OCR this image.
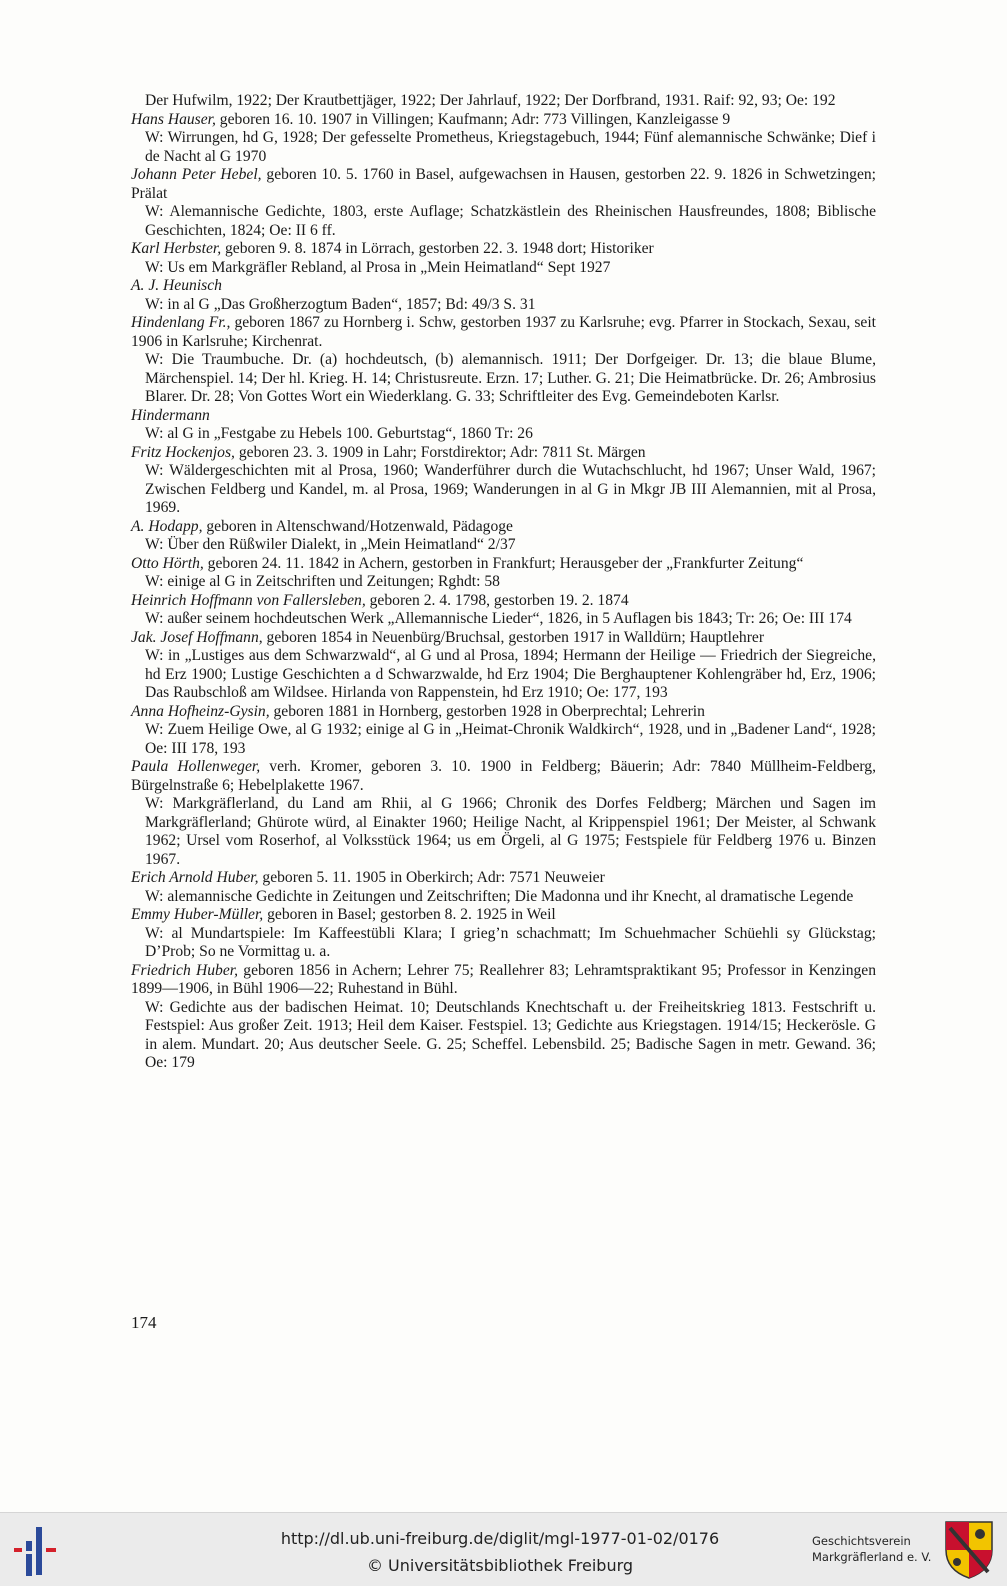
Der Hufwilm, 1922; Der Krautbettjäger, 1922; Der Jahrlauf, 1922; Der Dorfbrand, 1931. Raif: 92, 93; Oe: 192

Hans Hauser, geboren 16. 10. 1907 in Villingen; Kaufmann; Adr: 773 Villingen, Kanzleigasse 9

W: Wirrungen, hd G, 1928; Der gefesselte Prometheus, Kriegstagebuch, 1944; Fünf alemannische Schwänke; Dief i de Nacht al G 1970

Johann Peter Hebel, geboren 10. 5. 1760 in Basel, aufgewachsen in Hausen, gestorben 22. 9. 1826 in Schwetzingen; Prälat

W: Alemannische Gedichte, 1803, erste Auflage; Schatzkästlein des Rheinischen Hausfreundes, 1808; Biblische Geschichten, 1824; Oe: II 6 ff.

Karl Herbster, geboren 9. 8. 1874 in Lörrach, gestorben 22. 3. 1948 dort; Historiker

W: Us em Markgräfler Rebland, al Prosa in „Mein Heimatland“ Sept 1927

A. J. Heunisch

W: in al G „Das Großherzogtum Baden“, 1857; Bd: 49/3 S. 31

Hindenlang Fr., geboren 1867 zu Hornberg i. Schw, gestorben 1937 zu Karlsruhe; evg. Pfarrer in Stockach, Sexau, seit 1906 in Karlsruhe; Kirchenrat.

W: Die Traumbuche. Dr. (a) hochdeutsch, (b) alemannisch. 1911; Der Dorfgeiger. Dr. 13; die blaue Blume, Märchenspiel. 14; Der hl. Krieg. H. 14; Christusreute. Erzn. 17; Luther. G. 21; Die Heimatbrücke. Dr. 26; Ambrosius Blarer. Dr. 28; Von Gottes Wort ein Wiederklang. G. 33; Schriftleiter des Evg. Gemeindeboten Karlsr.

Hindermann

W: al G in „Festgabe zu Hebels 100. Geburtstag“, 1860 Tr: 26

Fritz Hockenjos, geboren 23. 3. 1909 in Lahr; Forstdirektor; Adr: 7811 St. Märgen

W: Wäldergeschichten mit al Prosa, 1960; Wanderführer durch die Wutachschlucht, hd 1967; Unser Wald, 1967; Zwischen Feldberg und Kandel, m. al Prosa, 1969; Wanderungen in al G in Mkgr JB III Alemannien, mit al Prosa, 1969.

A. Hodapp, geboren in Altenschwand/Hotzenwald, Pädagoge

W: Über den Rüßwiler Dialekt, in „Mein Heimatland“ 2/37

Otto Hörth, geboren 24. 11. 1842 in Achern, gestorben in Frankfurt; Herausgeber der „Frankfurter Zeitung“

W: einige al G in Zeitschriften und Zeitungen; Rghdt: 58

Heinrich Hoffmann von Fallersleben, geboren 2. 4. 1798, gestorben 19. 2. 1874

W: außer seinem hochdeutschen Werk „Allemannische Lieder“, 1826, in 5 Auflagen bis 1843; Tr: 26; Oe: III 174

Jak. Josef Hoffmann, geboren 1854 in Neuenbürg/Bruchsal, gestorben 1917 in Walldürn; Hauptlehrer

W: in „Lustiges aus dem Schwarzwald“, al G und al Prosa, 1894; Hermann der Heilige — Friedrich der Siegreiche, hd Erz 1900; Lustige Geschichten a d Schwarzwalde, hd Erz 1904; Die Berghauptener Kohlengräber hd, Erz, 1906; Das Raubschloß am Wildsee. Hirlanda von Rappenstein, hd Erz 1910; Oe: 177, 193

Anna Hofheinz-Gysin, geboren 1881 in Hornberg, gestorben 1928 in Oberprechtal; Lehrerin

W: Zuem Heilige Owe, al G 1932; einige al G in „Heimat-Chronik Waldkirch“, 1928, und in „Badener Land“, 1928; Oe: III 178, 193

Paula Hollenweger, verh. Kromer, geboren 3. 10. 1900 in Feldberg; Bäuerin; Adr: 7840 Müllheim-Feldberg, Bürgelnstraße 6; Hebelplakette 1967.

W: Markgräflerland, du Land am Rhii, al G 1966; Chronik des Dorfes Feldberg; Märchen und Sagen im Markgräflerland; Ghürote würd, al Einakter 1960; Heilige Nacht, al Krippenspiel 1961; Der Meister, al Schwank 1962; Ursel vom Roserhof, al Volksstück 1964; us em Örgeli, al G 1975; Festspiele für Feldberg 1976 u. Binzen 1967.

Erich Arnold Huber, geboren 5. 11. 1905 in Oberkirch; Adr: 7571 Neuweier

W: alemannische Gedichte in Zeitungen und Zeitschriften; Die Madonna und ihr Knecht, al dramatische Legende

Emmy Huber-Müller, geboren in Basel; gestorben 8. 2. 1925 in Weil

W: al Mundartspiele: Im Kaffeestübli Klara; I grieg’n schachmatt; Im Schuehmacher Schüehli sy Glückstag; D’Prob; So ne Vormittag u. a.

Friedrich Huber, geboren 1856 in Achern; Lehrer 75; Reallehrer 83; Lehramtspraktikant 95; Professor in Kenzingen 1899—1906, in Bühl 1906—22; Ruhestand in Bühl.

W: Gedichte aus der badischen Heimat. 10; Deutschlands Knechtschaft u. der Freiheitskrieg 1813. Festschrift u. Festspiel: Aus großer Zeit. 1913; Heil dem Kaiser. Festspiel. 13; Gedichte aus Kriegstagen. 1914/15; Heckerösle. G in alem. Mundart. 20; Aus deutscher Seele. G. 25; Scheffel. Lebensbild. 25; Badische Sagen in metr. Gewand. 36; Oe: 179

174
http://dl.ub.uni-freiburg.de/diglit/mgl-1977-01-02/0176
© Universitätsbibliothek Freiburg
Geschichtsverein
Markgräflerland e. V.
